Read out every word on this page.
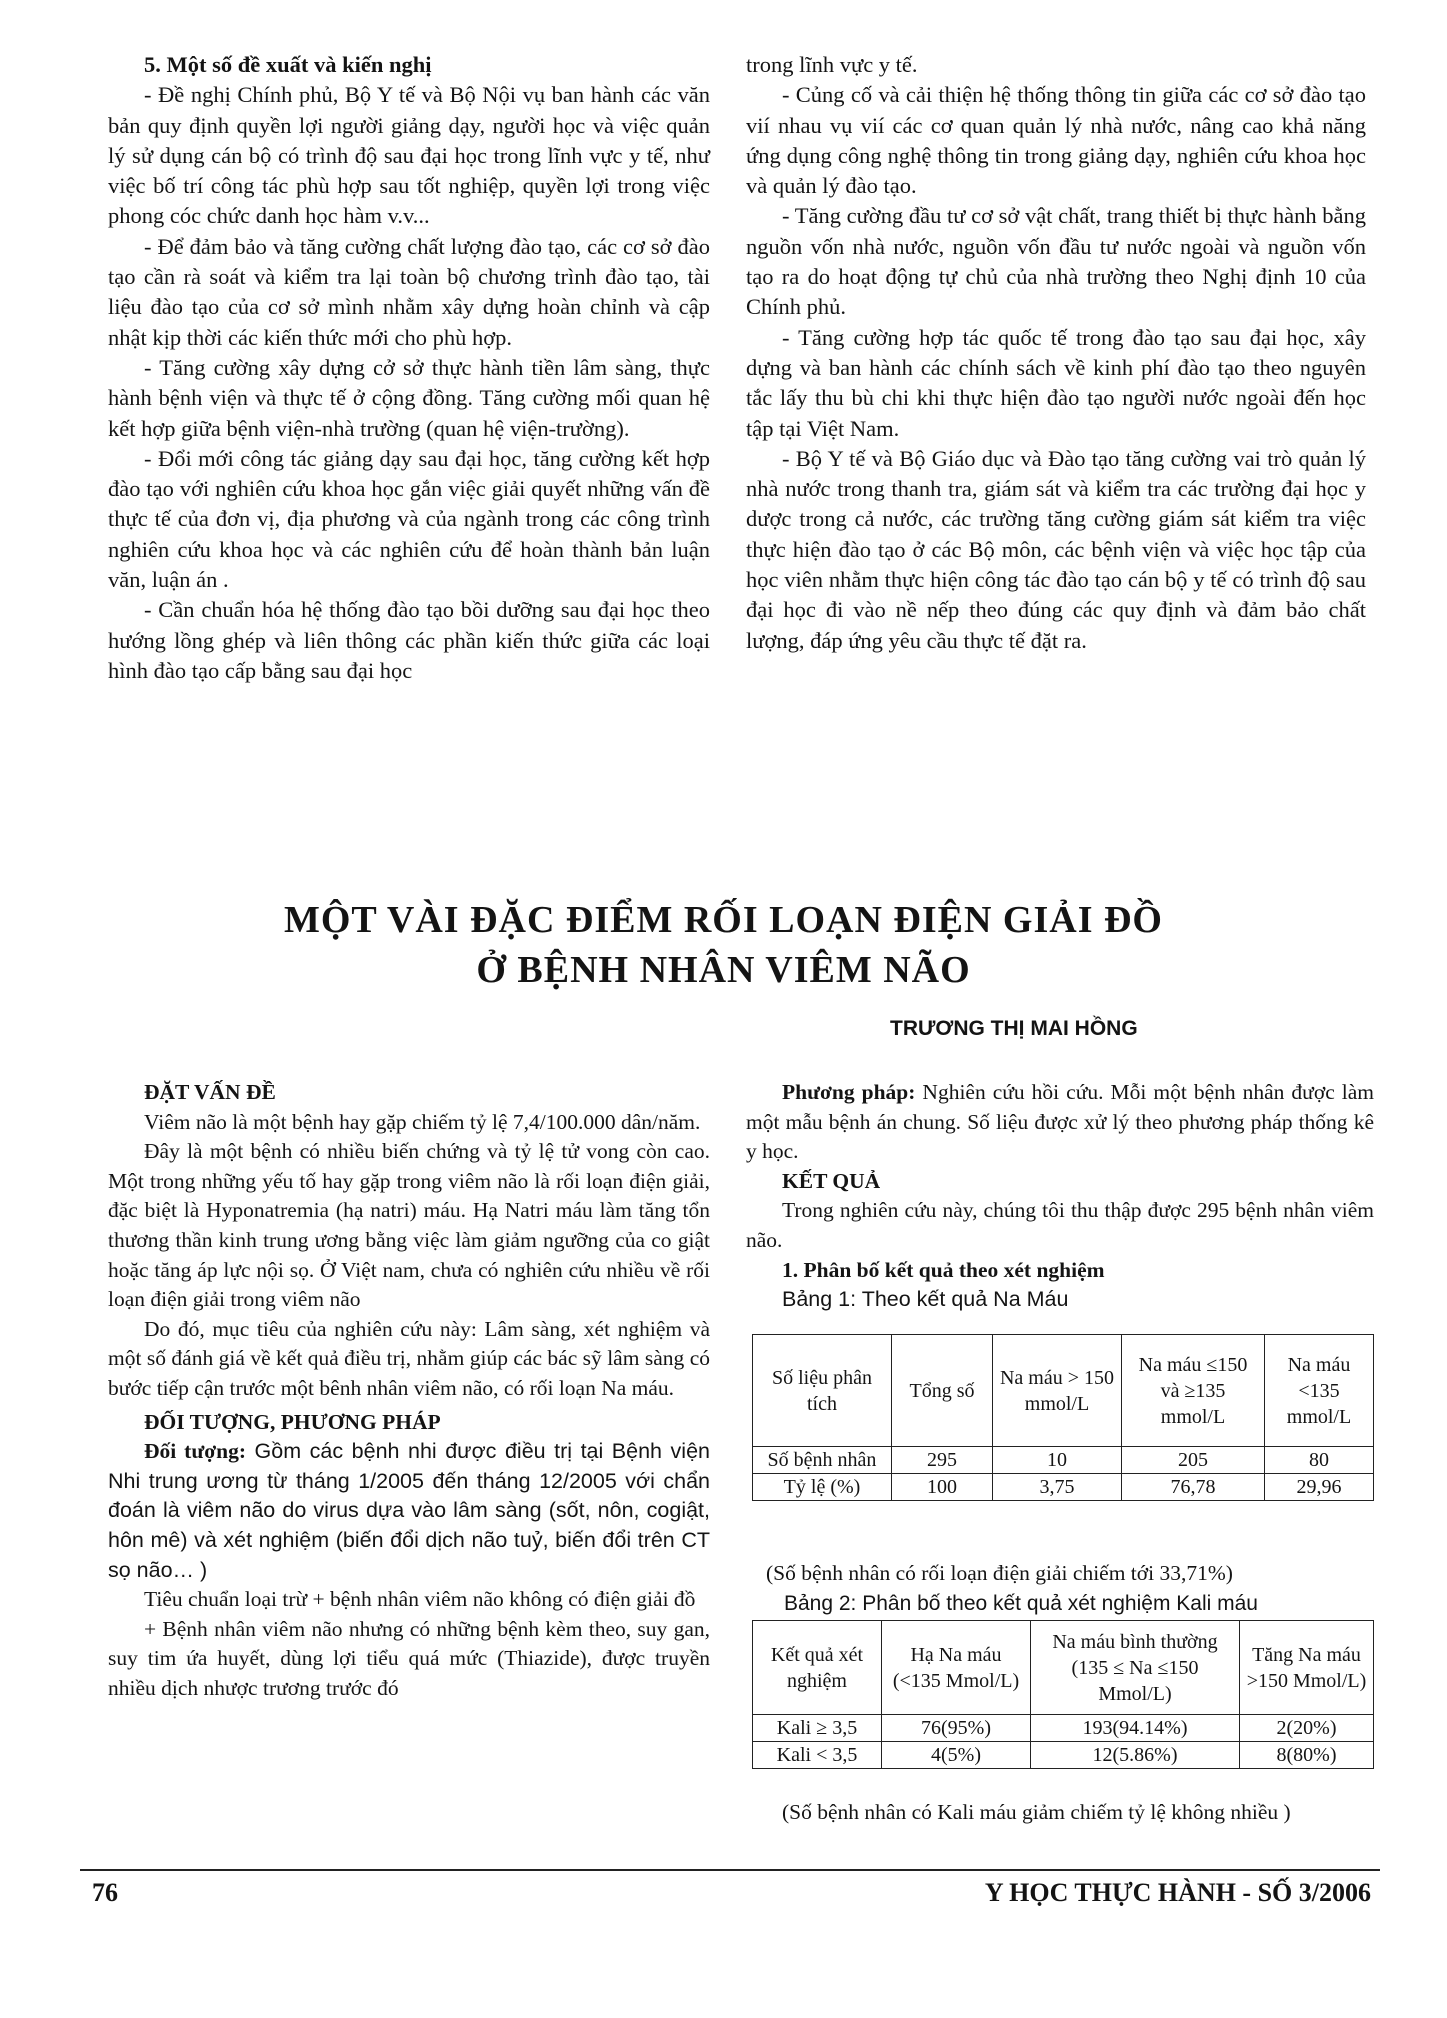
5. Một số đề xuất và kiến nghị

- Đề nghị Chính phủ, Bộ Y tế và Bộ Nội vụ ban hành các văn bản quy định quyền lợi người giảng dạy, người học và việc quản lý sử dụng cán bộ có trình độ sau đại học trong lĩnh vực y tế, như việc bố trí công tác phù hợp sau tốt nghiệp, quyền lợi trong việc phong cóc chức danh học hàm v.v...

- Để đảm bảo và tăng cường chất lượng đào tạo, các cơ sở đào tạo cần rà soát và kiểm tra lại toàn bộ chương trình đào tạo, tài liệu đào tạo của cơ sở mình nhằm xây dựng hoàn chỉnh và cập nhật kịp thời các kiến thức mới cho phù hợp.

- Tăng cường xây dựng cở sở thực hành tiền lâm sàng, thực hành bệnh viện và thực tế ở cộng đồng. Tăng cường mối quan hệ kết hợp giữa bệnh viện-nhà trường (quan hệ viện-trường).

- Đổi mới công tác giảng dạy sau đại học, tăng cường kết hợp đào tạo với nghiên cứu khoa học gắn việc giải quyết những vấn đề thực tế của đơn vị, địa phương và của ngành trong các công trình nghiên cứu khoa học và các nghiên cứu để hoàn thành bản luận văn, luận án .

- Cần chuẩn hóa hệ thống đào tạo bồi dưỡng sau đại học theo hướng lồng ghép và liên thông các phần kiến thức giữa các loại hình đào tạo cấp bằng sau đại học

trong lĩnh vực y tế.

- Củng cố và cải thiện hệ thống thông tin giữa các cơ sở đào tạo vií nhau vụ vií các cơ quan quản lý nhà nước, nâng cao khả năng ứng dụng công nghệ thông tin trong giảng dạy, nghiên cứu khoa học và quản lý đào tạo.

- Tăng cường đầu tư cơ sở vật chất, trang thiết bị thực hành bằng nguồn vốn nhà nước, nguồn vốn đầu tư nước ngoài và nguồn vốn tạo ra do hoạt động tự chủ của nhà trường theo Nghị định 10 của Chính phủ.

- Tăng cường hợp tác quốc tế trong đào tạo sau đại học, xây dựng và ban hành các chính sách về kinh phí đào tạo theo nguyên tắc lấy thu bù chi khi thực hiện đào tạo người nước ngoài đến học tập tại Việt Nam.

- Bộ Y tế và Bộ Giáo dục và Đào tạo tăng cường vai trò quản lý nhà nước trong thanh tra, giám sát và kiểm tra các trường đại học y dược trong cả nước, các trường tăng cường giám sát kiểm tra việc thực hiện đào tạo ở các Bộ môn, các bệnh viện và việc học tập của học viên nhằm thực hiện công tác đào tạo cán bộ y tế có trình độ sau đại học đi vào nề nếp theo đúng các quy định và đảm bảo chất lượng, đáp ứng yêu cầu thực tế đặt ra.

MỘT VÀI ĐẶC ĐIỂM RỐI LOẠN ĐIỆN GIẢI ĐỒ

Ở BỆNH NHÂN VIÊM NÃO

TRƯƠNG THỊ MAI HỒNG

ĐẶT VẤN ĐỀ

Viêm não là một bệnh hay gặp chiếm tỷ lệ 7,4/100.000 dân/năm.

Đây là một bệnh có nhiều biến chứng và tỷ lệ tử vong còn cao. Một trong những yếu tố hay gặp trong viêm não là rối loạn điện giải, đặc biệt là Hyponatremia (hạ natri) máu. Hạ Natri máu làm tăng tổn thương thần kinh trung ương bằng việc làm giảm ngưỡng của co giật hoặc tăng áp lực nội sọ. Ở Việt nam, chưa có nghiên cứu nhiều về rối loạn điện giải trong viêm não

Do đó, mục tiêu của nghiên cứu này: Lâm sàng, xét nghiệm và một số đánh giá về kết quả điều trị, nhằm giúp các bác sỹ lâm sàng có bước tiếp cận trước một bênh nhân viêm não, có rối loạn Na máu.

ĐỐI TƯỢNG, PHƯƠNG PHÁP

Đối tượng: Gồm các bệnh nhi được điều trị tại Bệnh viện Nhi trung ương từ tháng 1/2005 đến tháng 12/2005 với chẩn đoán là viêm não do virus dựa vào lâm sàng (sốt, nôn, cogiật, hôn mê) và xét nghiệm (biến đổi dịch não tuỷ, biến đổi trên CT sọ não… )

Tiêu chuẩn loại trừ + bệnh nhân viêm não không có điện giải đồ

+ Bệnh nhân viêm não nhưng có những bệnh kèm theo, suy gan, suy tim ứa huyết, dùng lợi tiểu quá mức (Thiazide), được truyền nhiều dịch nhược trương trước đó

Phương pháp: Nghiên cứu hồi cứu. Mỗi một bệnh nhân được làm một mẫu bệnh án chung. Số liệu được xử lý theo phương pháp thống kê y học.

KẾT QUẢ

Trong nghiên cứu này, chúng tôi thu thập được 295 bệnh nhân viêm não.

1. Phân bố kết quả theo xét nghiệm

Bảng 1: Theo kết quả Na Máu

Số liệu phân tích	Tổng số	Na máu > 150 mmol/L	Na máu ≤150 và ≥135 mmol/L	Na máu <135 mmol/L
Số bệnh nhân	295	10	205	80
Tỷ lệ (%)	100	3,75	76,78	29,96

(Số bệnh nhân có rối loạn điện giải chiếm tới 33,71%)

Bảng 2: Phân bố theo kết quả xét nghiệm Kali máu

Kết quả xét nghiệm	Hạ Na máu (<135 Mmol/L)	Na máu bình thường (135 ≤ Na ≤150 Mmol/L)	Tăng Na máu >150 Mmol/L)
Kali ≥ 3,5	76(95%)	193(94.14%)	2(20%)
Kali < 3,5	4(5%)	12(5.86%)	8(80%)

(Số bệnh nhân có Kali máu giảm chiếm tỷ lệ không nhiều )

76	Y HỌC THỰC HÀNH - SỐ 3/2006
